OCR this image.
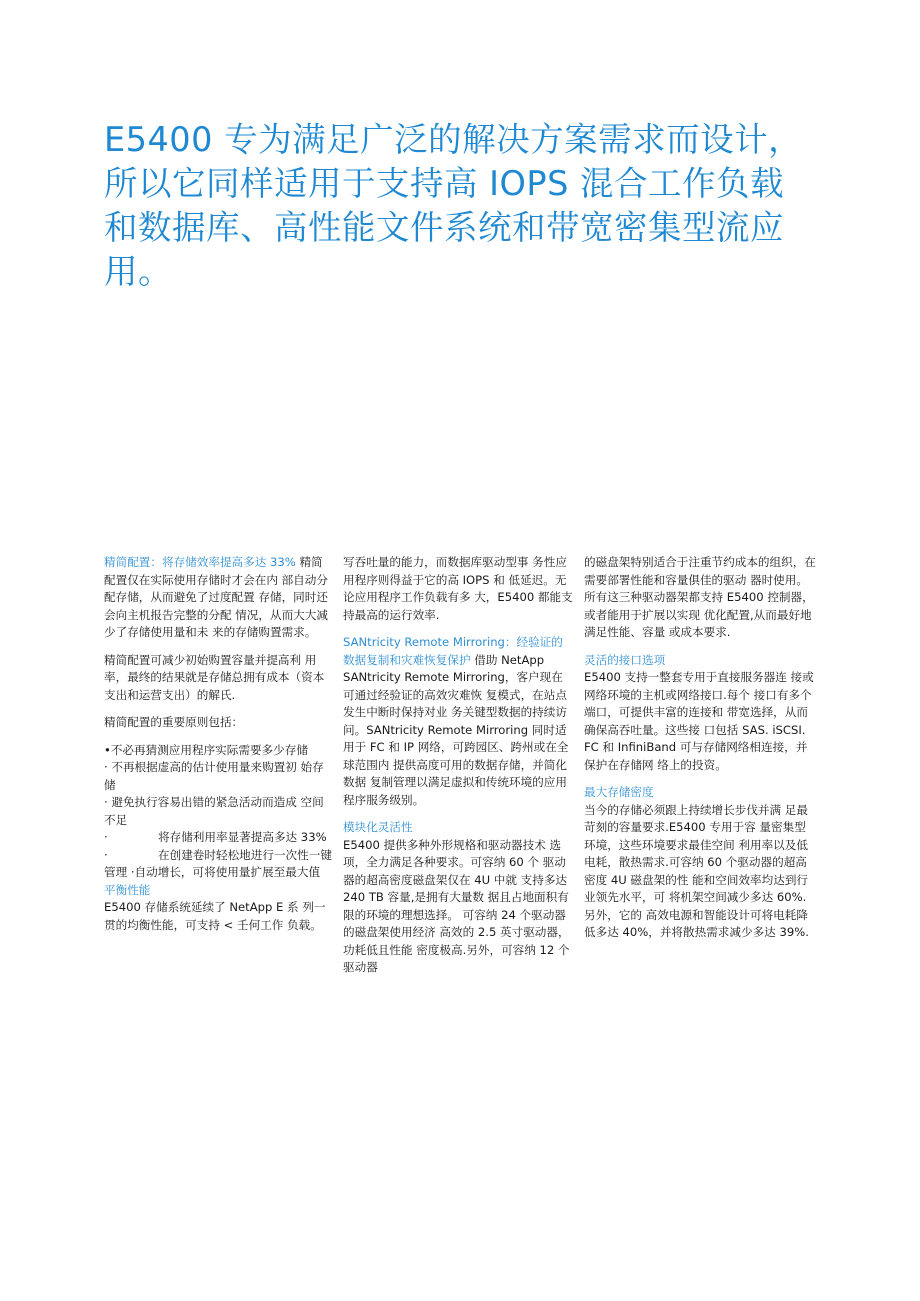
E5400 专为满足广泛的解决方案需求而设计，所以它同样适用于支持高 IOPS 混合工作负载和数据库、高性能文件系统和带宽密集型流应用。

精简配置：将存储效率提高多达 33% 精简配置仅在实际使用存储时才会在内 部自动分配存储，从而避免了过度配置 存储，同时还会向主机报告完整的分配 情况，从而大大减少了存储使用量和未 来的存储购置需求。

精简配置可减少初始购置容量并提高利 用率，最终的结果就是存储总拥有成本（资本支出和运营支出）的解氏.

精简配置的重要原则包括：

•不必再猜测应用程序实际需要多少存储

· 不再根据虚高的估计使用量来购置初 始存储

· 避免执行容易出错的紧急活动而造成 空间不足

·	将存储利用率显著提高多达 33%

·	在创建卷时轻松地进行一次性一键管理 ·自动增长，可将使用量扩展至最大值

平衡性能

E5400 存储系统延续了 NetApp E 系 列一贯的均衡性能，可支持 < 壬何工作 负载。

写吞吐量的能力，而数据库驱动型事 务性应用程序则得益于它的高 IOPS 和 低延迟。无论应用程序工作负载有多 大，E5400 都能支持最高的运行效率.

SANtricity Remote Mirroring：经验证的数据复制和灾难恢复保护 借助 NetApp SANtricity Remote Mirroring，客户现在可通过经验证的高效灾难恢 复模式，在站点发生中断时保持对业 务关键型数据的持续访问。SANtricity Remote Mirroring 同时适用于 FC 和 IP 网络，可跨园区、跨州或在全球范围内 提供高度可用的数据存储，并简化数据 复制管理以满足虚拟和传统环境的应用 程序服务级别。

模块化灵活性

E5400 提供多种外形规格和驱动器技术 选项，全力满足各种要求。可容纳 60 个 驱动器的超高密度磁盘架仅在 4U 中就 支持多达 240 TB 容量,是拥有大量数 据且占地面积有限的环境的理想选择。 可容纳 24 个驱动器的磁盘架使用经济 高效的 2.5 英寸驱动器，功耗低且性能 密度极高.另外，可容纳 12 个驱动器

的磁盘架特别适合于注重节约成本的组织，在需要部署性能和容量俱佳的驱动 器时使用。所有这三种驱动器架都支持 E5400 控制器，或者能用于扩展以实现 优化配置,从而最好地满足性能、容量 或成本要求.

灵活的接口选项

E5400 支持一整套专用于直接服务器连 接或网络环境的主机或网络接口.每个 接口有多个端口，可提供丰富的连接和 带宽选择，从而确保高吞吐量。这些接 口包括 SAS. iSCSI. FC 和 InfiniBand 可与存储网络相连接，并保护在存储网 络上的投资。

最大存储密度

当今的存储必须跟上持续增长步伐并满 足最苛刻的容量要求.E5400 专用于容 量密集型环境，这些环境要求最佳空间 利用率以及低电耗，散热需求.可容纳 60 个驱动器的超高密度 4U 磁盘架的性 能和空间效率均达到行业领先水平，可 将机架空间减少多达 60%.另外，它的 高效电源和智能设计可将电耗降低多达 40%，并将散热需求减少多达 39%.
